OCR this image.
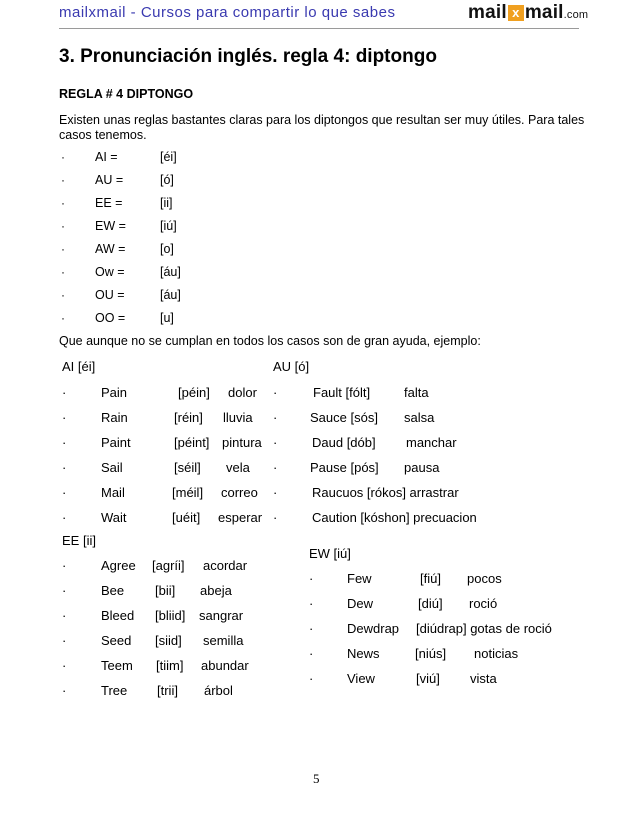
mailxmail - Cursos para compartir lo que sabes	mail x mail.com
3. Pronunciación inglés. regla 4: diptongo
REGLA # 4 DIPTONGO
Existen unas reglas bastantes claras para los diptongos que resultan ser muy útiles. Para tales casos tenemos.
· AI =	[éi]
· AU =	[ó]
· EE =	[ii]
· EW =	[iú]
· AW =	[o]
· Ow =	[áu]
· OU =	[áu]
· OO =	[u]
Que aunque no se cumplan en todos los casos son de gran ayuda, ejemplo:
AI [éi]
·	Pain	[péin] dolor
·	Rain	[réin] lluvia
·	Paint	[péint] pintura
·	Sail	[séil] vela
·	Mail	[méil] correo
·	Wait	[uéit] esperar
AU [ó]
·	Fault [fólt]	falta
·	Sauce [sós] salsa
·	Daud [dób] manchar
·	Pause [pós] pausa
·	Raucuos [rókos] arrastrar
·	Caution [kóshon] precuacion
EE [ii]
·	Agree [agríi] acordar
·	Bee [bii] abeja
·	Bleed [bliid] sangrar
·	Seed [siid] semilla
·	Teem [tiim] abundar
·	Tree [trii] árbol
EW [iú]
·	Few	[fiú] pocos
·	Dew	[diú] roció
·	Dewdrap [diúdrap] gotas de roció
·	News	[niús] noticias
·	View	[viú] vista
5
